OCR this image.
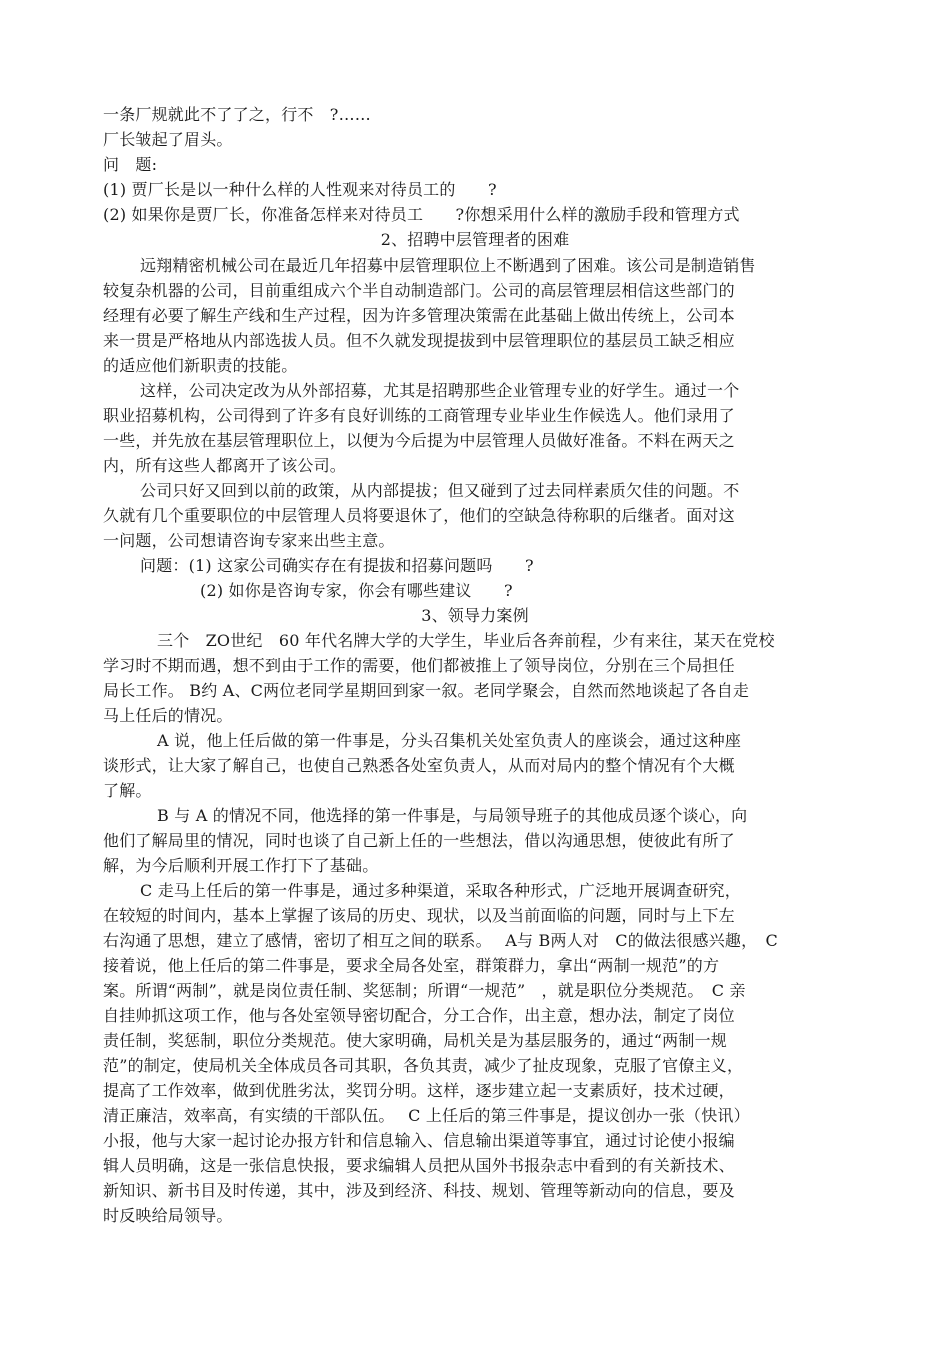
一条厂规就此不了了之，行不　?……
厂长皱起了眉头。
问　题:
(1) 贾厂长是以一种什么样的人性观来对待员工的　　?
(2) 如果你是贾厂长，你准备怎样来对待员工　　?你想采用什么样的激励手段和管理方式
2、招聘中层管理者的困难
远翔精密机械公司在最近几年招募中层管理职位上不断遇到了困难。该公司是制造销售
较复杂机器的公司，目前重组成六个半自动制造部门。公司的高层管理层相信这些部门的
经理有必要了解生产线和生产过程，因为许多管理决策需在此基础上做出传统上，公司本
来一贯是严格地从内部选拔人员。但不久就发现提拔到中层管理职位的基层员工缺乏相应
的适应他们新职责的技能。
这样，公司决定改为从外部招募，尤其是招聘那些企业管理专业的好学生。通过一个
职业招募机构，公司得到了许多有良好训练的工商管理专业毕业生作候选人。他们录用了
一些，并先放在基层管理职位上，以便为今后提为中层管理人员做好准备。不料在两天之
内，所有这些人都离开了该公司。
公司只好又回到以前的政策，从内部提拔；但又碰到了过去同样素质欠佳的问题。不
久就有几个重要职位的中层管理人员将要退休了，他们的空缺急待称职的后继者。面对这
一问题，公司想请咨询专家来出些主意。
问题：(1) 这家公司确实存在有提拔和招募问题吗　　?
(2) 如你是咨询专家，你会有哪些建议　　?
3、领导力案例
三个　ZO世纪　60 年代名牌大学的大学生，毕业后各奔前程，少有来往，某天在党校
学习时不期而遇，想不到由于工作的需要，他们都被推上了领导岗位，分别在三个局担任
局长工作。 B约 A、C两位老同学星期回到家一叙。老同学聚会，自然而然地谈起了各自走
马上任后的情况。
A 说，他上任后做的第一件事是，分头召集机关处室负责人的座谈会，通过这种座
谈形式，让大家了解自己，也使自己熟悉各处室负责人，从而对局内的整个情况有个大概
了解。
B 与 A 的情况不同，他选择的第一件事是，与局领导班子的其他成员逐个谈心，向
他们了解局里的情况，同时也谈了自己新上任的一些想法，借以沟通思想，使彼此有所了
解，为今后顺利开展工作打下了基础。
C 走马上任后的第一件事是，通过多种渠道，采取各种形式，广泛地开展调查研究，
在较短的时间内，基本上掌握了该局的历史、现状，以及当前面临的问题，同时与上下左
右沟通了思想，建立了感情，密切了相互之间的联系。　 A与 B两人对　C的做法很感兴趣，　C
接着说，他上任后的第二件事是，要求全局各处室，群策群力，拿出“两制一规范”的方
案。所谓“两制”，就是岗位责任制、奖惩制；所谓“一规范”　，就是职位分类规范。　C 亲
自挂帅抓这项工作，他与各处室领导密切配合，分工合作，出主意，想办法，制定了岗位
责任制，奖惩制，职位分类规范。使大家明确，局机关是为基层服务的，通过“两制一规
范”的制定，使局机关全体成员各司其职，各负其责，减少了扯皮现象，克服了官僚主义，
提高了工作效率，做到优胜劣汰，奖罚分明。这样，逐步建立起一支素质好，技术过硬，
清正廉洁，效率高，有实绩的干部队伍。　 C 上任后的第三件事是，提议创办一张（快讯）
小报，他与大家一起讨论办报方针和信息输入、信息输出渠道等事宜，通过讨论使小报编
辑人员明确，这是一张信息快报，要求编辑人员把从国外书报杂志中看到的有关新技术、
新知识、新书目及时传递，其中，涉及到经济、科技、规划、管理等新动向的信息，要及
时反映给局领导。
